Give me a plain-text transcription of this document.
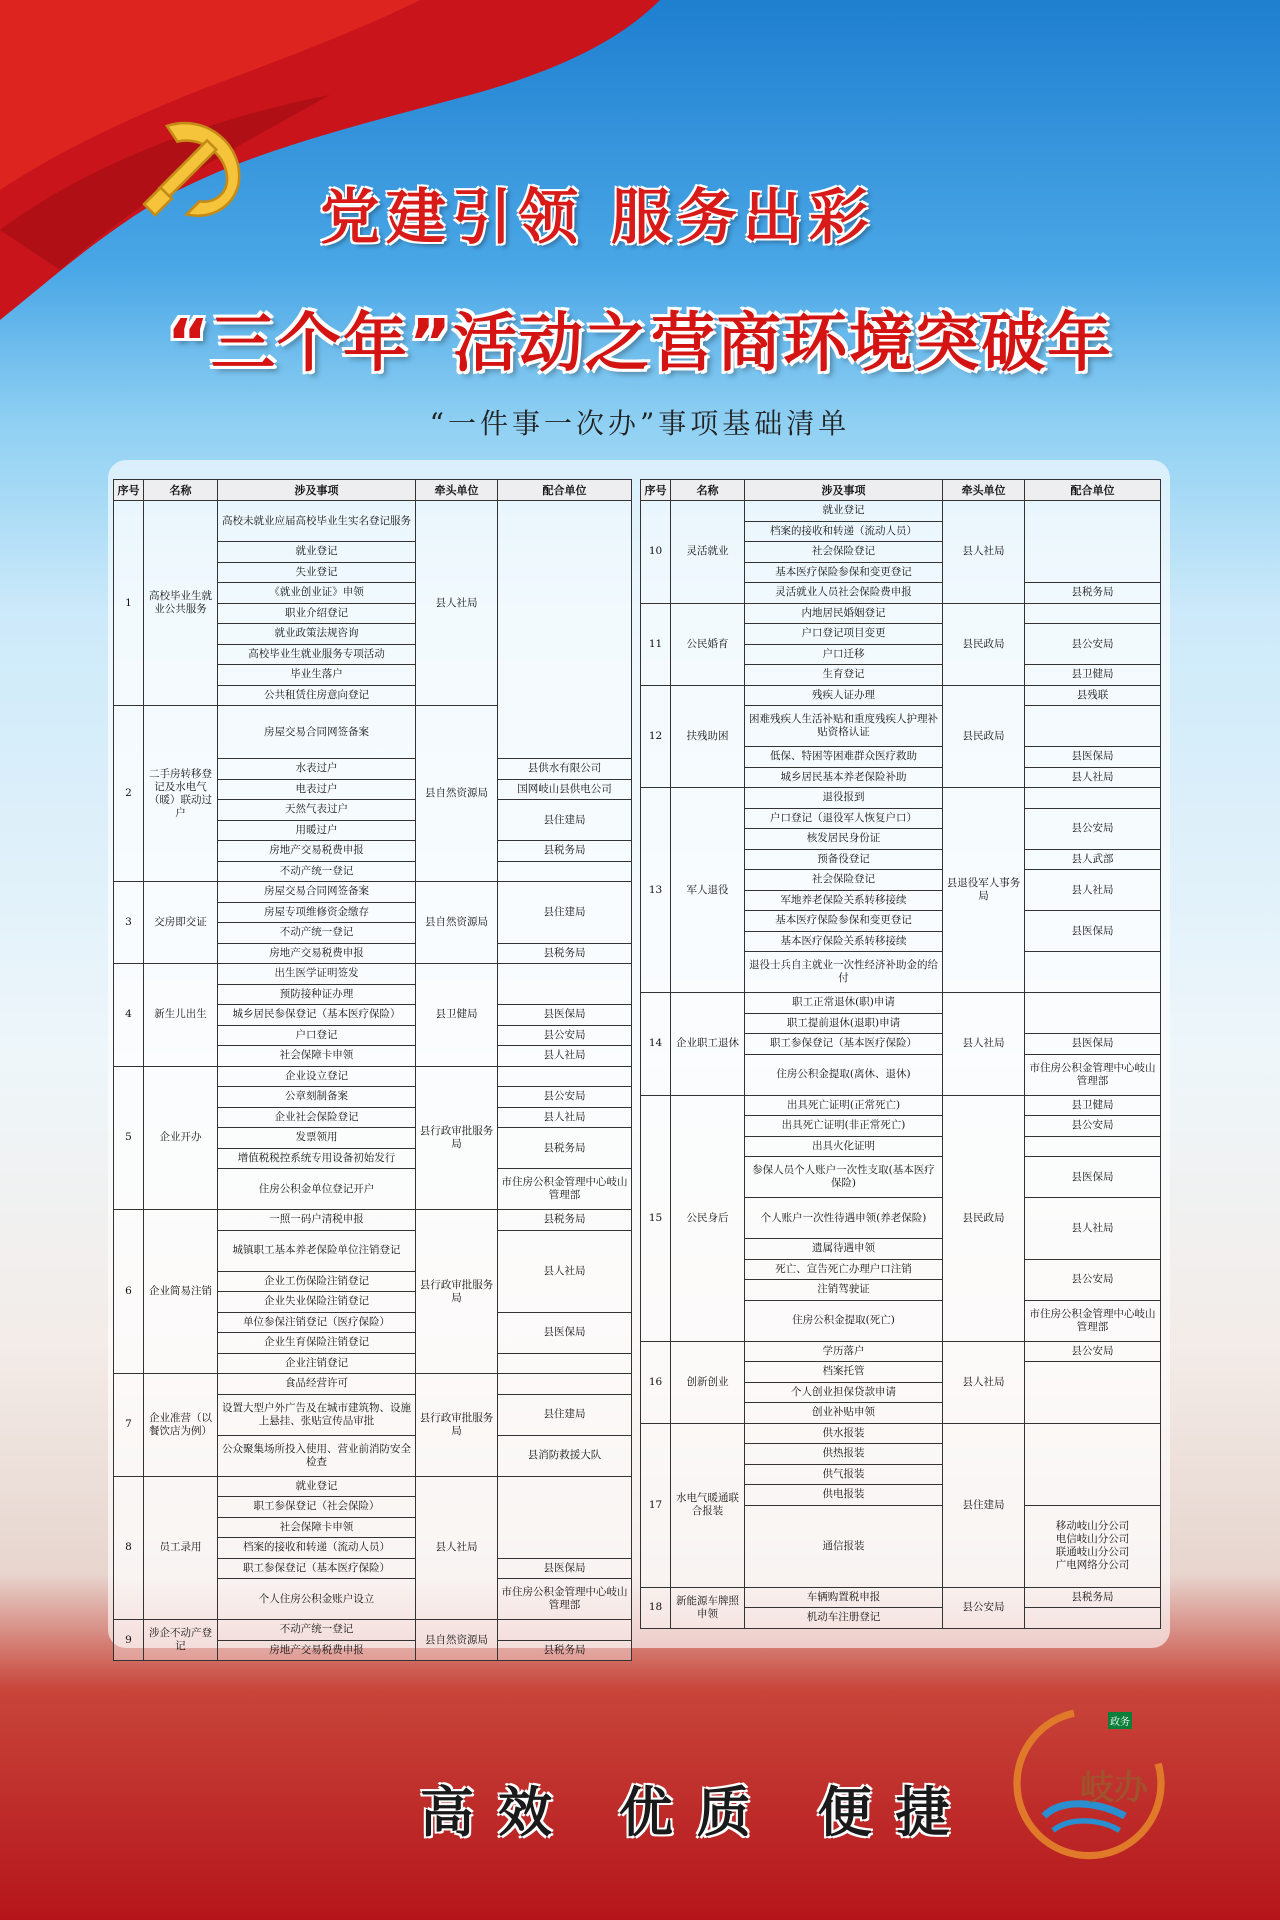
党建引领 服务出彩
“三个年”活动之营商环境突破年
“一件事一次办”事项基础清单
序号	名称	涉及事项	牵头单位	配合单位	
1	高校毕业生就业公共服务	高校未就业应届高校毕业生实名登记服务	县人社局		
		就业登记			
		失业登记			
		《就业创业证》申领			
		职业介绍登记			
		就业政策法规咨询			
		高校毕业生就业服务专项活动			
		毕业生落户			
		公共租赁住房意向登记			
2	二手房转移登记及水电气（暖）联动过户	房屋交易合同网签备案	县自然资源局	
		水表过户		县供水有限公司	
		电表过户		国网岐山县供电公司	
		天然气表过户		县住建局	
		用暖过户			
		房地产交易税费申报		县税务局	
		不动产统一登记			
3	交房即交证	房屋交易合同网签备案	县自然资源局	县住建局	
		房屋专项维修资金缴存			
		不动产统一登记			
		房地产交易税费申报		县税务局	
4	新生儿出生	出生医学证明签发	县卫健局		
		预防接种证办理			
		城乡居民参保登记（基本医疗保险）		县医保局	
		户口登记		县公安局	
		社会保障卡申领		县人社局	
5	企业开办	企业设立登记	县行政审批服务局		
		公章刻制备案		县公安局	
		企业社会保险登记		县人社局	
		发票领用		县税务局	
		增值税税控系统专用设备初始发行			
		住房公积金单位登记开户		市住房公积金管理中心岐山管理部	
6	企业简易注销	一照一码户清税申报	县行政审批服务局	县税务局	
		城镇职工基本养老保险单位注销登记		县人社局	
		企业工伤保险注销登记			
		企业失业保险注销登记			
		单位参保注销登记（医疗保险）		县医保局	
		企业生育保险注销登记			
		企业注销登记			
7	企业准营（以餐饮店为例）	食品经营许可	县行政审批服务局		
		设置大型户外广告及在城市建筑物、设施上悬挂、张贴宣传品审批		县住建局	
		公众聚集场所投入使用、营业前消防安全检查		县消防救援大队	
8	员工录用	就业登记	县人社局		
		职工参保登记（社会保险）			
		社会保障卡申领			
		档案的接收和转递（流动人员）			
		职工参保登记（基本医疗保险）		县医保局	
		个人住房公积金账户设立		市住房公积金管理中心岐山管理部	
9	涉企不动产登记	不动产统一登记	县自然资源局		
		房地产交易税费申报		县税务局	
序号	名称	涉及事项	牵头单位	配合单位
10	灵活就业	就业登记	县人社局	
		档案的接收和转递（流动人员）		
		社会保险登记		
		基本医疗保险参保和变更登记		
		灵活就业人员社会保险费申报		县税务局
11	公民婚育	内地居民婚姻登记	县民政局	
		户口登记项目变更		县公安局
		户口迁移		
		生育登记		县卫健局
12	扶残助困	残疾人证办理	县民政局	县残联
		困难残疾人生活补贴和重度残疾人护理补贴资格认证		
		低保、特困等困难群众医疗救助		县医保局
		城乡居民基本养老保险补助		县人社局
13	军人退役	退役报到	县退役军人事务局	
		户口登记（退役军人恢复户口）		县公安局
		核发居民身份证		
		预备役登记		县人武部
		社会保险登记		县人社局
		军地养老保险关系转移接续		
		基本医疗保险参保和变更登记		县医保局
		基本医疗保险关系转移接续		
		退役士兵自主就业一次性经济补助金的给付		
14	企业职工退休	职工正常退休(职)申请	县人社局	
		职工提前退休(退职)申请		
		职工参保登记（基本医疗保险）		县医保局
		住房公积金提取(离休、退休)		市住房公积金管理中心岐山管理部
15	公民身后	出具死亡证明(正常死亡)	县民政局	县卫健局
		出具死亡证明(非正常死亡)		县公安局
		出具火化证明		
		参保人员个人账户一次性支取(基本医疗保险)		县医保局
		个人账户一次性待遇申领(养老保险)		县人社局
		遗属待遇申领		
		死亡、宣告死亡办理户口注销		县公安局
		注销驾驶证		
		住房公积金提取(死亡)		市住房公积金管理中心岐山管理部
16	创新创业	学历落户	县人社局	县公安局
		档案托管		
		个人创业担保贷款申请		
		创业补贴申领		
17	水电气暖通联合报装	供水报装	县住建局	
		供热报装		
		供气报装		
		供电报装		
		通信报装		移动岐山分公司
电信岐山分公司
联通岐山分公司
广电网络分公司

18	新能源车牌照申领	车辆购置税申报	县公安局	县税务局
		机动车注册登记		
高效 优质 便捷
政务
岐办
